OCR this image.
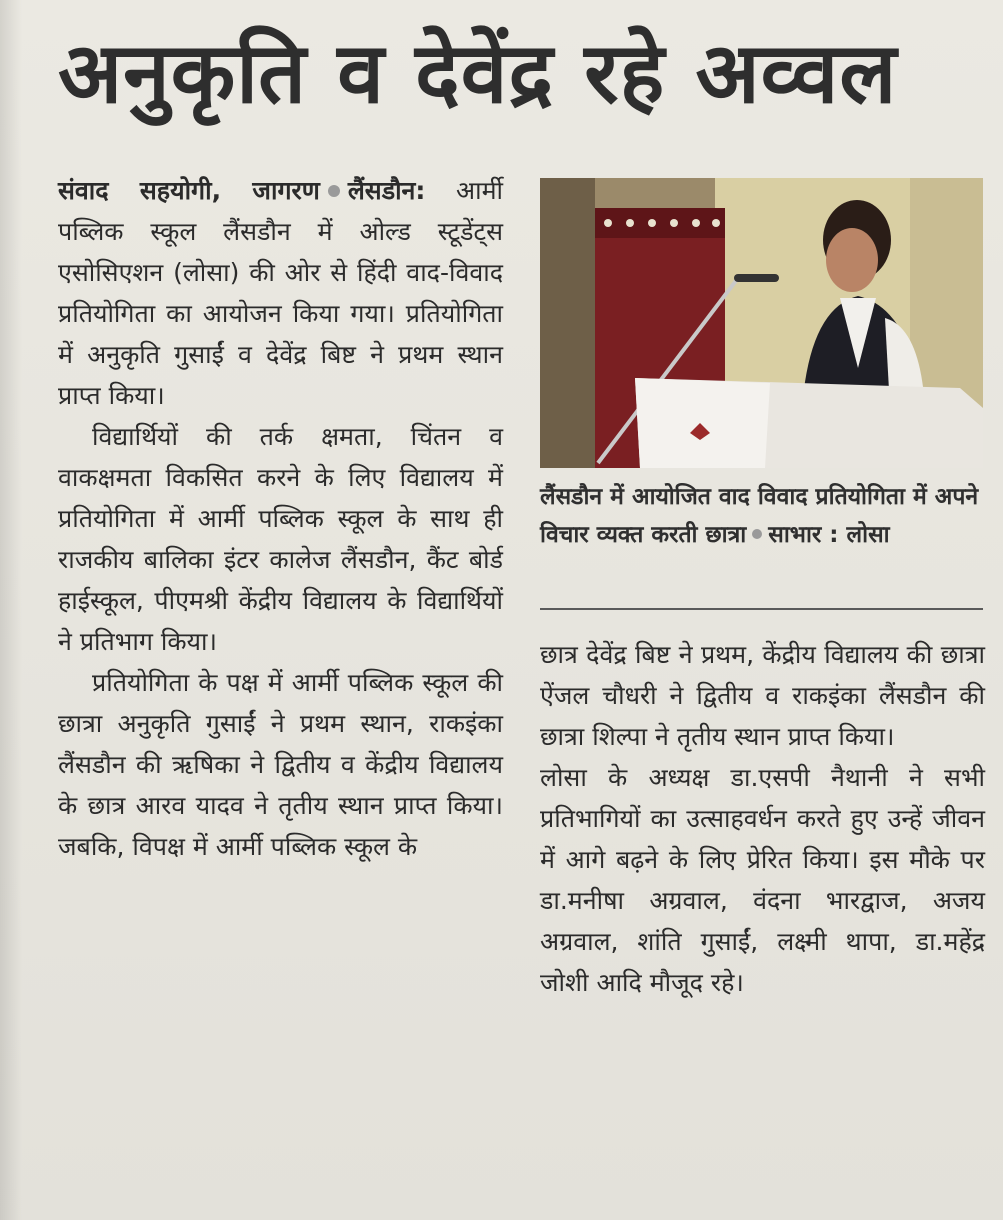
अनुकृति व देवेंद्र रहे अव्वल

संवाद सहयोगी, जागरण लैंसडौन: आर्मी पब्लिक स्कूल लैंसडौन में ओल्ड स्टूडेंट्स एसोसिएशन (लोसा) की ओर से हिंदी वाद-विवाद प्रतियोगिता का आयोजन किया गया। प्रतियोगिता में अनुकृति गुसाईं व देवेंद्र बिष्ट ने प्रथम स्थान प्राप्त किया।

विद्यार्थियों की तर्क क्षमता, चिंतन व वाकक्षमता विकसित करने के लिए विद्यालय में प्रतियोगिता में आर्मी पब्लिक स्कूल के साथ ही राजकीय बालिका इंटर कालेज लैंसडौन, कैंट बोर्ड हाईस्कूल, पीएमश्री केंद्रीय विद्यालय के विद्यार्थियों ने प्रतिभाग किया।

प्रतियोगिता के पक्ष में आर्मी पब्लिक स्कूल की छात्रा अनुकृति गुसाईं ने प्रथम स्थान, राकइंका लैंसडौन की ऋषिका ने द्वितीय व केंद्रीय विद्यालय के छात्र आरव यादव ने तृतीय स्थान प्राप्त किया। जबकि, विपक्ष में आर्मी पब्लिक स्कूल के

लैंसडौन में आयोजित वाद विवाद प्रतियोगिता में अपने विचार व्यक्त करती छात्रा साभार : लोसा

छात्र देवेंद्र बिष्ट ने प्रथम, केंद्रीय विद्यालय की छात्रा ऐंजल चौधरी ने द्वितीय व राकइंका लैंसडौन की छात्रा शिल्पा ने तृतीय स्थान प्राप्त किया।

लोसा के अध्यक्ष डा.एसपी नैथानी ने सभी प्रतिभागियों का उत्साहवर्धन करते हुए उन्हें जीवन में आगे बढ़ने के लिए प्रेरित किया। इस मौके पर डा.मनीषा अग्रवाल, वंदना भारद्वाज, अजय अग्रवाल, शांति गुसाईं, लक्ष्मी थापा, डा.महेंद्र जोशी आदि मौजूद रहे।
